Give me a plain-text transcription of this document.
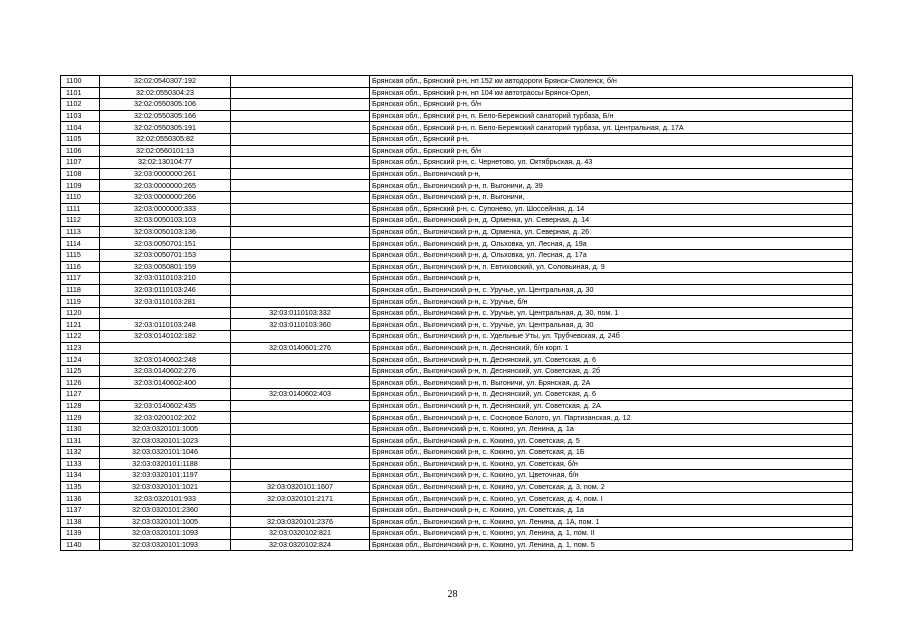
1100	32:02:0540307:192		Брянская обл., Брянский р-н, нп 152 км автодороги Брянск-Смоленск, б/н
1101	32:02:0550304:23		Брянская обл., Брянский р-н, нп 104 км автотрассы Брянск-Орел,
1102	32:02:0550305:106		Брянская обл., Брянский р-н, б/н
1103	32:02:0550305:166		Брянская обл., Брянский р-н, п. Бело-Бережский санаторий турбаза, Б/н
1104	32:02:0550305:191		Брянская обл., Брянский р-н, п. Бело-Бережский санаторий турбаза, ул. Центральная, д. 17А
1105	32:02:0550305:82		Брянская обл., Брянский р-н,
1106	32:02:0560101:13		Брянская обл., Брянский р-н, б/н
1107	32:02:130104:77		Брянская обл., Брянский р-н, с. Чернетово, ул. Октябрьская, д. 43
1108	32:03:0000000:261		Брянская обл., Выгоничский р-н,
1109	32:03:0000000:265		Брянская обл., Выгоничский р-н, п. Выгоничи, д. 39
1110	32:03:0000000:266		Брянская обл., Выгоничский р-н, п. Выгоничи,
1111	32:03:0000000:333		Брянская обл., Брянский р-н, с. Супонево, ул. Шоссейная, д. 14
1112	32:03:0050103:103		Брянская обл., Выгоничский р-н, д. Орменка, ул. Северная, д. 14
1113	32:03:0050103:136		Брянская обл., Выгоничский р-н, д. Орменка, ул. Северная, д. 26
1114	32:03:0050701:151		Брянская обл., Выгоничский р-н, д. Ольховка, ул. Лесная, д. 19а
1115	32:03:0050701:153		Брянская обл., Выгоничский р-н, д. Ольховка, ул. Лесная, д. 17а
1116	32:03:0050801:159		Брянская обл., Выгоничский р-н, п. Евтиховский, ул. Соловьиная, д. 9
1117	32:03:0110103:210		Брянская обл., Выгоничский р-н,
1118	32:03:0110103:246		Брянская обл., Выгоничский р-н, с. Уручье, ул. Центральная, д. 30
1119	32:03:0110103:281		Брянская обл., Выгоничский р-н, с. Уручье, б/н
1120		32:03:0110103:332	Брянская обл., Выгоничский р-н, с. Уручье, ул. Центральная, д. 30, пом. 1
1121	32:03:0110103:248	32:03:0110103:360	Брянская обл., Выгоничский р-н, с. Уручье, ул. Центральная, д. 30
1122	32:03:0140102:182		Брянская обл., Выгоничский р-н, с. Удельные Уты, ул. Трубчевская, д. 24б
1123		32:03:0140601:276	Брянская обл., Выгоничский р-н, п. Деснянский, б/н корп. 1
1124	32:03:0140602:248		Брянская обл., Выгоничский р-н, п. Деснянский, ул. Советская, д. 6
1125	32:03:0140602:276		Брянская обл., Выгоничский р-н, п. Деснянский, ул. Советская, д. 2б
1126	32:03:0140602:400		Брянская обл., Выгоничский р-н, п. Выгоничи, ул. Брянская, д. 2А
1127		32:03:0140602:403	Брянская обл., Выгоничский р-н, п. Деснянский, ул. Советская, д. 6
1128	32:03:0140602:435		Брянская обл., Выгоничский р-н, п. Деснянский, ул. Советская, д. 2А
1129	32:03:0200102:202		Брянская обл., Выгоничский р-н, с. Сосновое Болото, ул. Партизанская, д. 12
1130	32:03:0320101:1005		Брянская обл., Выгоничский р-н, с. Кокино, ул. Ленина, д. 1а
1131	32:03:0320101:1023		Брянская обл., Выгоничский р-н, с. Кокино, ул. Советская, д. 5
1132	32:03:0320101:1046		Брянская обл., Выгоничский р-н, с. Кокино, ул. Советская, д. 1Б
1133	32:03:0320101:1188		Брянская обл., Выгоничский р-н, с. Кокино, ул. Советская, б/н
1134	32:03:0320101:1197		Брянская обл., Выгоничский р-н, с. Кокино, ул. Цветочная, б/н
1135	32:03:0320101:1021	32:03:0320101:1607	Брянская обл., Выгоничский р-н, с. Кокино, ул. Советская, д. 3, пом. 2
1136	32:03:0320101:933	32:03:0320101:2171	Брянская обл., Выгоничский р-н, с. Кокино, ул. Советская, д. 4, пом. I
1137	32:03:0320101:2360		Брянская обл., Выгоничский р-н, с. Кокино, ул. Советская, д. 1а
1138	32:03:0320101:1005	32:03:0320101:2376	Брянская обл., Выгоничский р-н, с. Кокино, ул. Ленина, д. 1А, пом. 1
1139	32:03:0320101:1093	32:03:0320102:821	Брянская обл., Выгоничский р-н, с. Кокино, ул. Ленина, д. 1, пом. II
1140	32:03:0320101:1093	32:03:0320102:824	Брянская обл., Выгоничский р-н, с. Кокино, ул. Ленина, д. 1, пом. 5
28
